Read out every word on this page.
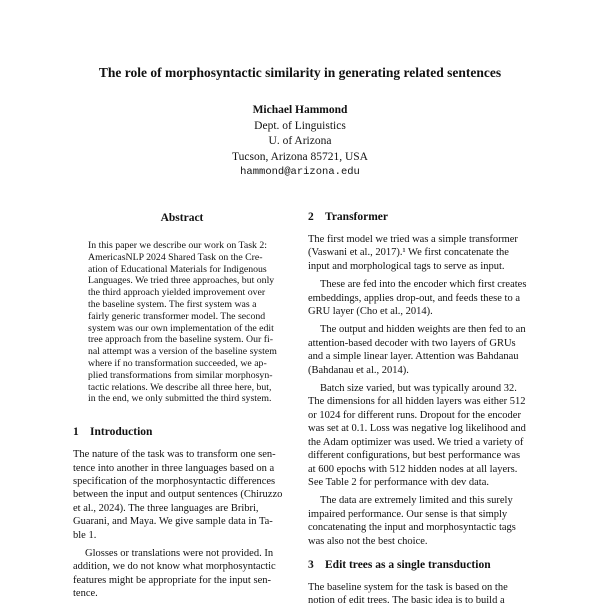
The role of morphosyntactic similarity in generating related sentences
Michael Hammond
Dept. of Linguistics
U. of Arizona
Tucson, Arizona 85721, USA
hammond@arizona.edu
Abstract
In this paper we describe our work on Task 2:
AmericasNLP 2024 Shared Task on the Cre-
ation of Educational Materials for Indigenous
Languages. We tried three approaches, but only
the third approach yielded improvement over
the baseline system. The first system was a
fairly generic transformer model. The second
system was our own implementation of the edit
tree approach from the baseline system. Our fi-
nal attempt was a version of the baseline system
where if no transformation succeeded, we ap-
plied transformations from similar morphosyn-
tactic relations. We describe all three here, but,
in the end, we only submitted the third system.
1 Introduction
The nature of the task was to transform one sen-
tence into another in three languages based on a
specification of the morphosyntactic differences
between the input and output sentences (Chiruzzo
et al., 2024). The three languages are Bribri,
Guarani, and Maya. We give sample data in Ta-
ble 1.
Glosses or translations were not provided. In
addition, we do not know what morphosyntactic
features might be appropriate for the input sen-
tence.
2 Transformer
The first model we tried was a simple transformer
(Vaswani et al., 2017).¹ We first concatenate the
input and morphological tags to serve as input.
These are fed into the encoder which first creates
embeddings, applies drop-out, and feeds these to a
GRU layer (Cho et al., 2014).
The output and hidden weights are then fed to an
attention-based decoder with two layers of GRUs
and a simple linear layer. Attention was Bahdanau
(Bahdanau et al., 2014).
Batch size varied, but was typically around 32.
The dimensions for all hidden layers was either 512
or 1024 for different runs. Dropout for the encoder
was set at 0.1. Loss was negative log likelihood and
the Adam optimizer was used. We tried a variety of
different configurations, but best performance was
at 600 epochs with 512 hidden nodes at all layers.
See Table 2 for performance with dev data.
The data are extremely limited and this surely
impaired performance. Our sense is that simply
concatenating the input and morphosyntactic tags
was also not the best choice.
3 Edit trees as a single transduction
The baseline system for the task is based on the
notion of edit trees. The basic idea is to build a
